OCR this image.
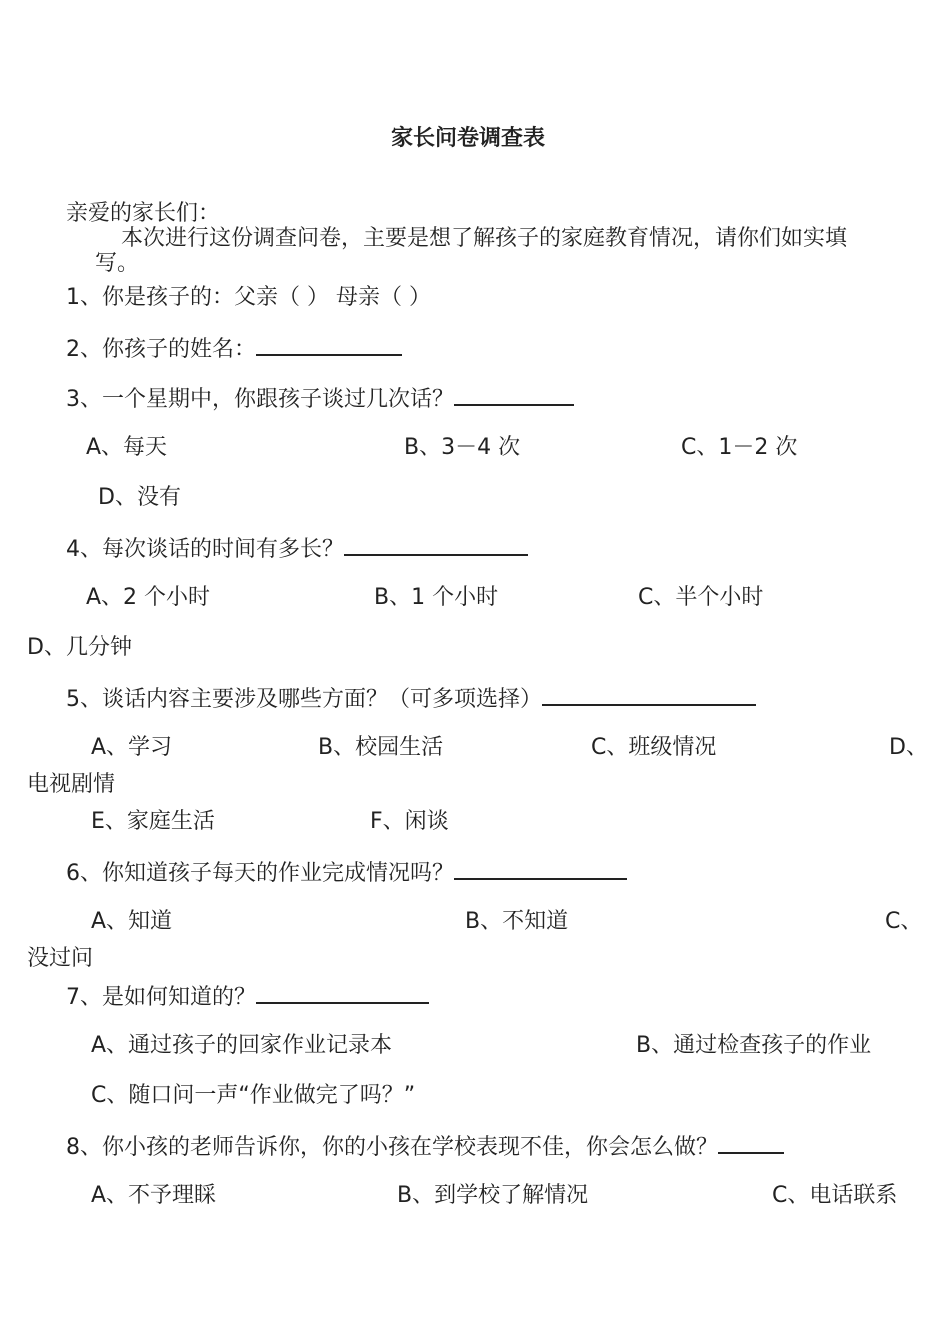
家长问卷调查表
亲爱的家长们：
本次进行这份调查问卷，主要是想了解孩子的家庭教育情况，请你们如实填
写。
1、你是孩子的：父亲（ ） 母亲（ ）
2、你孩子的姓名：
3、一个星期中，你跟孩子谈过几次话？
A、每天	B、3－4 次	C、1－2 次
D、没有
4、每次谈话的时间有多长？
A、2 个小时	B、1 个小时	C、半个小时
D、几分钟
5、谈话内容主要涉及哪些方面？（可多项选择）
A、学习	B、校园生活	C、班级情况	D、
电视剧情
E、家庭生活	F、闲谈
6、你知道孩子每天的作业完成情况吗？
A、知道	B、不知道	C、
没过问
7、是如何知道的？
A、通过孩子的回家作业记录本	B、通过检查孩子的作业
C、随口问一声“作业做完了吗？”
8、你小孩的老师告诉你，你的小孩在学校表现不佳，你会怎么做？
A、不予理睬	B、到学校了解情况	C、电话联系
